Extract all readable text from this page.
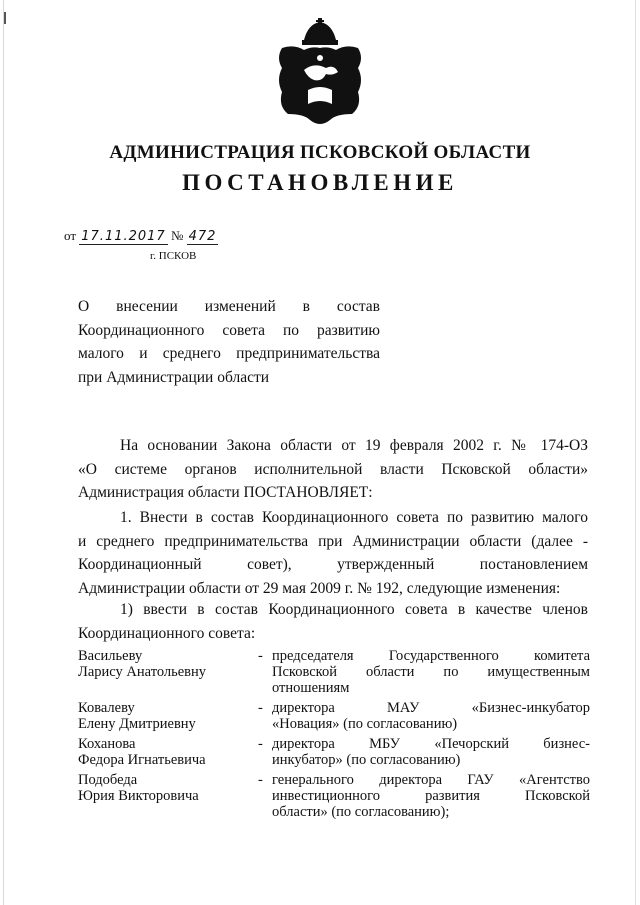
АДМИНИСТРАЦИЯ ПСКОВСКОЙ ОБЛАСТИ
ПОСТАНОВЛЕНИЕ
от 17.11.2017 № 472
г. ПСКОВ
О внесении изменений в состав
Координационного совета по развитию
малого и среднего предпринимательства
при Администрации области
На основании Закона области от 19 февраля 2002 г. № 174-ОЗ
«О системе органов исполнительной власти Псковской области»
Администрация области ПОСТАНОВЛЯЕТ:
1. Внести в состав Координационного совета по развитию малого
и среднего предпринимательства при Администрации области (далее -
Координационный совет), утвержденный постановлением
Администрации области от 29 мая 2009 г. № 192, следующие изменения:
1) ввести в состав Координационного совета в качестве членов
Координационного совета:
Васильеву
Ларису Анатольевну
- председателя Государственного комитета
Псковской области по имущественным
отношениям
Ковалеву
Елену Дмитриевну
- директора МАУ «Бизнес-инкубатор
«Новация» (по согласованию)
Коханова
Федора Игнатьевича
- директора МБУ «Печорский бизнес-
инкубатор» (по согласованию)
Подобеда
Юрия Викторовича
- генерального директора ГАУ «Агентство
инвестиционного развития Псковской
области» (по согласованию);
